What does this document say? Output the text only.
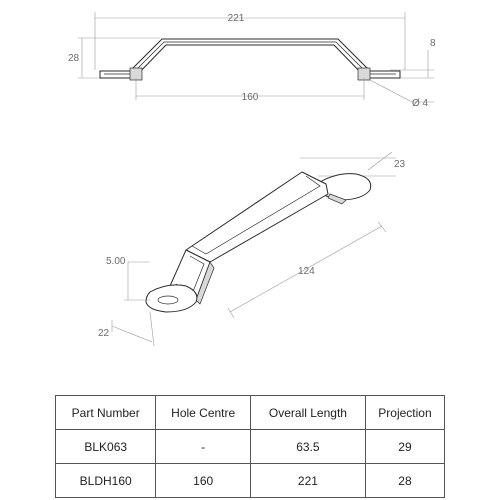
221
28
8
160
Ø 4
23
5.00
124
22
Part Number	Hole Centre	Overall Length	Projection
BLK063	-	63.5	29
BLDH160	160	221	28
